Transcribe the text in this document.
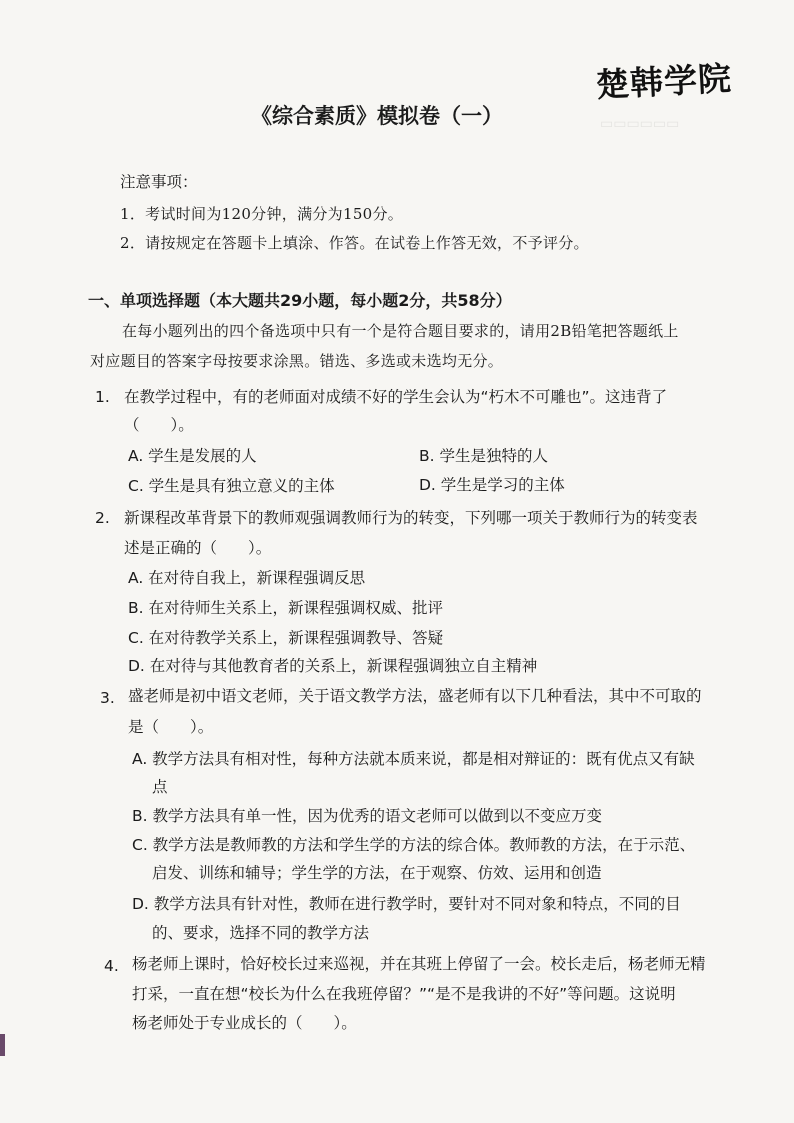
楚韩学院
《综合素质》模拟卷（一）	▭▭▭▭▭▭
注意事项：
1．考试时间为120分钟，满分为150分。
2．请按规定在答题卡上填涂、作答。在试卷上作答无效，不予评分。
一、单项选择题（本大题共29小题，每小题2分，共58分）
在每小题列出的四个备选项中只有一个是符合题目要求的，请用2B铅笔把答题纸上
对应题目的答案字母按要求涂黑。错选、多选或未选均无分。
1. 在教学过程中，有的老师面对成绩不好的学生会认为“朽木不可雕也”。这违背了
（　　）。
A. 学生是发展的人	B. 学生是独特的人
C. 学生是具有独立意义的主体	D. 学生是学习的主体
2. 新课程改革背景下的教师观强调教师行为的转变，下列哪一项关于教师行为的转变表
述是正确的（　　）。
A. 在对待自我上，新课程强调反思
B. 在对待师生关系上，新课程强调权威、批评
C. 在对待教学关系上，新课程强调教导、答疑
D. 在对待与其他教育者的关系上，新课程强调独立自主精神
3. 盛老师是初中语文老师，关于语文教学方法，盛老师有以下几种看法，其中不可取的
是（　　）。
A. 教学方法具有相对性，每种方法就本质来说，都是相对辩证的：既有优点又有缺
点
B. 教学方法具有单一性，因为优秀的语文老师可以做到以不变应万变
C. 教学方法是教师教的方法和学生学的方法的综合体。教师教的方法，在于示范、
启发、训练和辅导；学生学的方法，在于观察、仿效、运用和创造
D. 教学方法具有针对性，教师在进行教学时，要针对不同对象和特点，不同的目
的、要求，选择不同的教学方法
4. 杨老师上课时，恰好校长过来巡视，并在其班上停留了一会。校长走后，杨老师无精
打采，一直在想“校长为什么在我班停留？”“是不是我讲的不好”等问题。这说明
杨老师处于专业成长的（　　）。
